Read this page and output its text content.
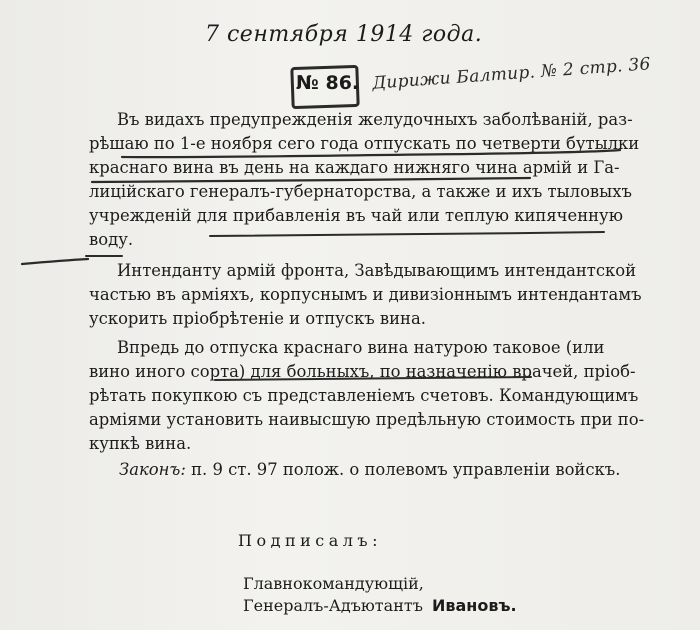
7 сентября 1914 года.
№ 86. Дирижи Балтир. № 2 стр. 36
Въ видахъ предупрежденія желудочныхъ заболѣваній, раз-
рѣшаю по 1-е ноября сего года отпускать по четверти бутылки
краснаго вина въ день на каждаго нижняго чина армій и Га-
лицiйскаго генералъ-губернаторства, а также и ихъ тыловыхъ
учрежденій для прибавленія въ чай или теплую кипяченную
воду.
Интенданту армій фронта, Завѣдывающимъ интендантской
частью въ арміяхъ, корпуснымъ и дивизіоннымъ интендантамъ
ускорить пріобрѣтеніе и отпускъ вина.
Впредь до отпуска краснаго вина натурою таковое (или
вино иного сорта) для больныхъ, по назначенію врачей, пріоб-
рѣтать покупкою съ представленіемъ счетовъ. Командующимъ
арміями установить наивысшую предѣльную стоимость при по-
купкѣ вина.
Законъ: п. 9 ст. 97 полож. о полевомъ управленіи войскъ.
Подписалъ:
Главнокомандующій,
Генералъ-Адъютантъ Ивановъ.
